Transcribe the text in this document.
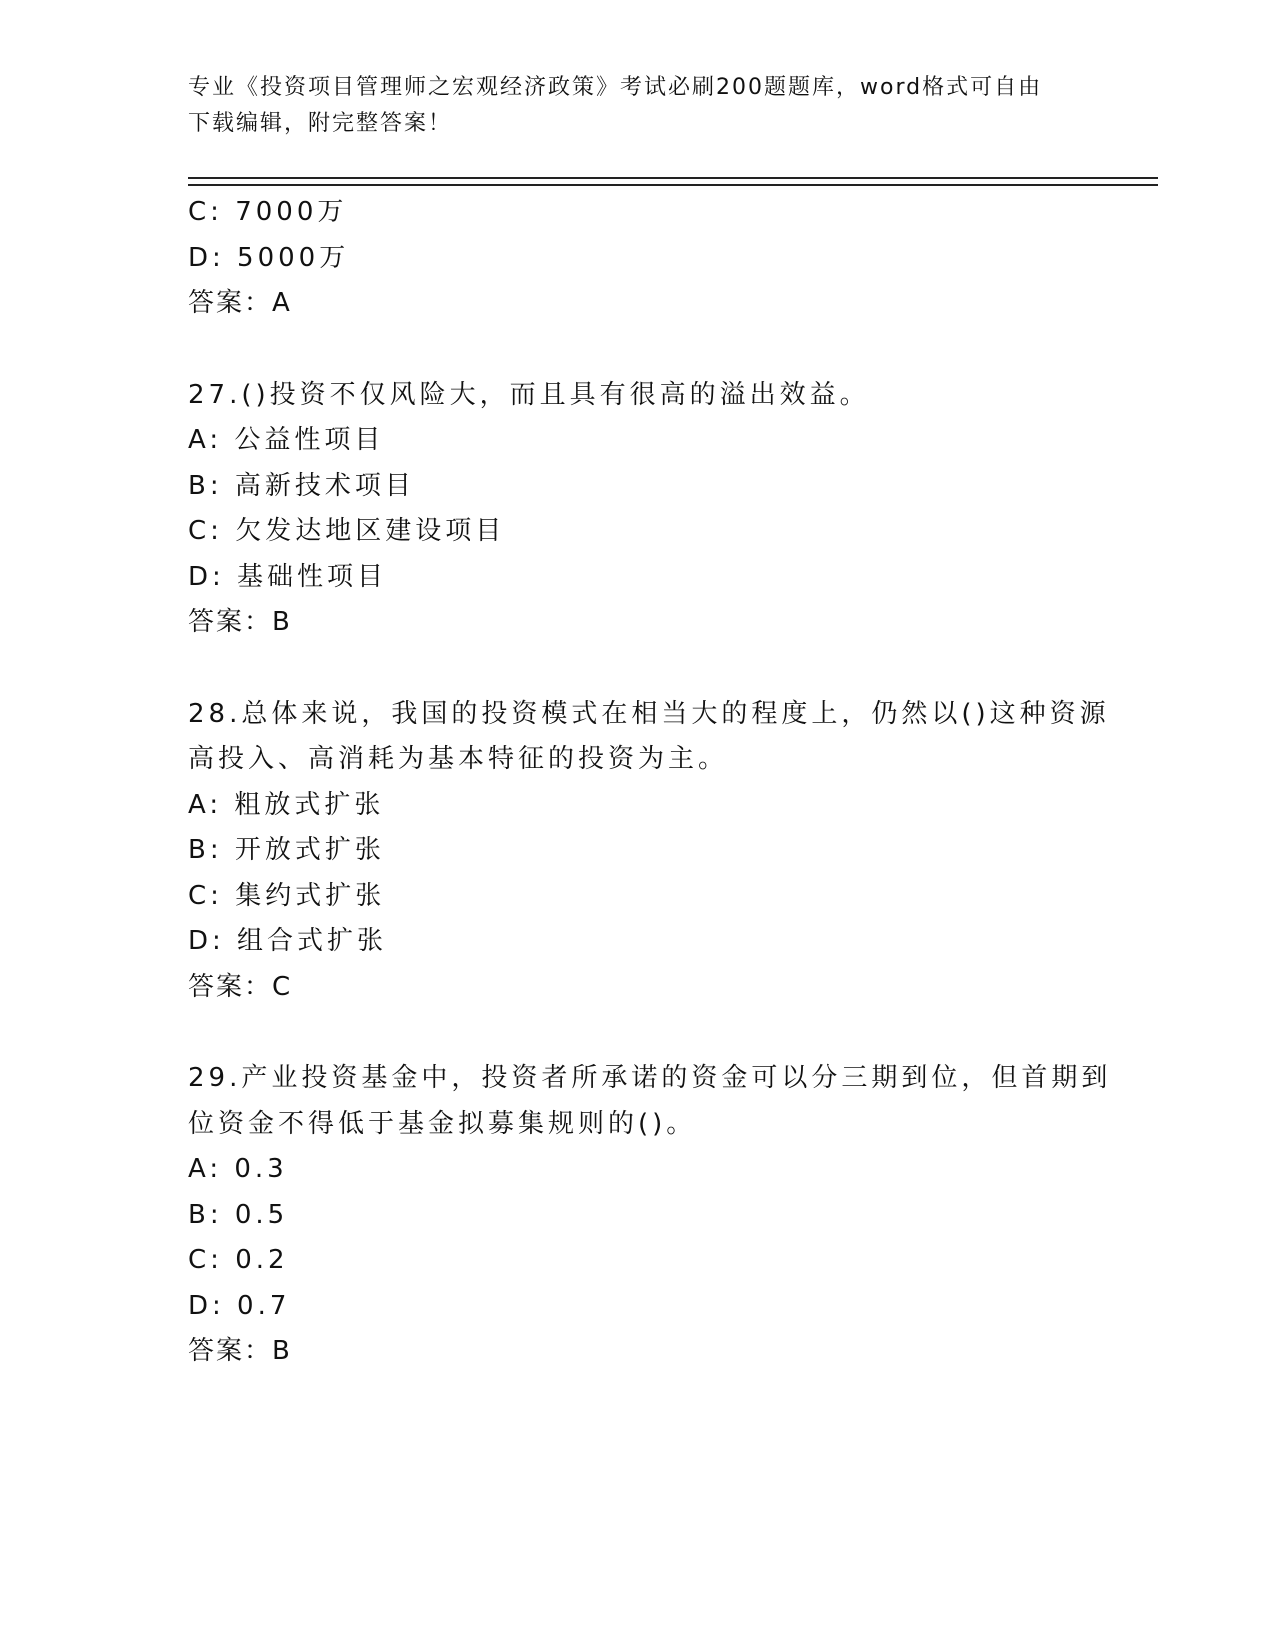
专业《投资项目管理师之宏观经济政策》考试必刷200题题库，word格式可自由
下载编辑，附完整答案！
C: 7000万
D: 5000万
答案：A
27.()投资不仅风险大，而且具有很高的溢出效益。
A: 公益性项目
B: 高新技术项目
C: 欠发达地区建设项目
D: 基础性项目
答案：B
28.总体来说，我国的投资模式在相当大的程度上，仍然以()这种资源
高投入、高消耗为基本特征的投资为主。
A: 粗放式扩张
B: 开放式扩张
C: 集约式扩张
D: 组合式扩张
答案：C
29.产业投资基金中，投资者所承诺的资金可以分三期到位，但首期到
位资金不得低于基金拟募集规则的()。
A: 0.3
B: 0.5
C: 0.2
D: 0.7
答案：B
